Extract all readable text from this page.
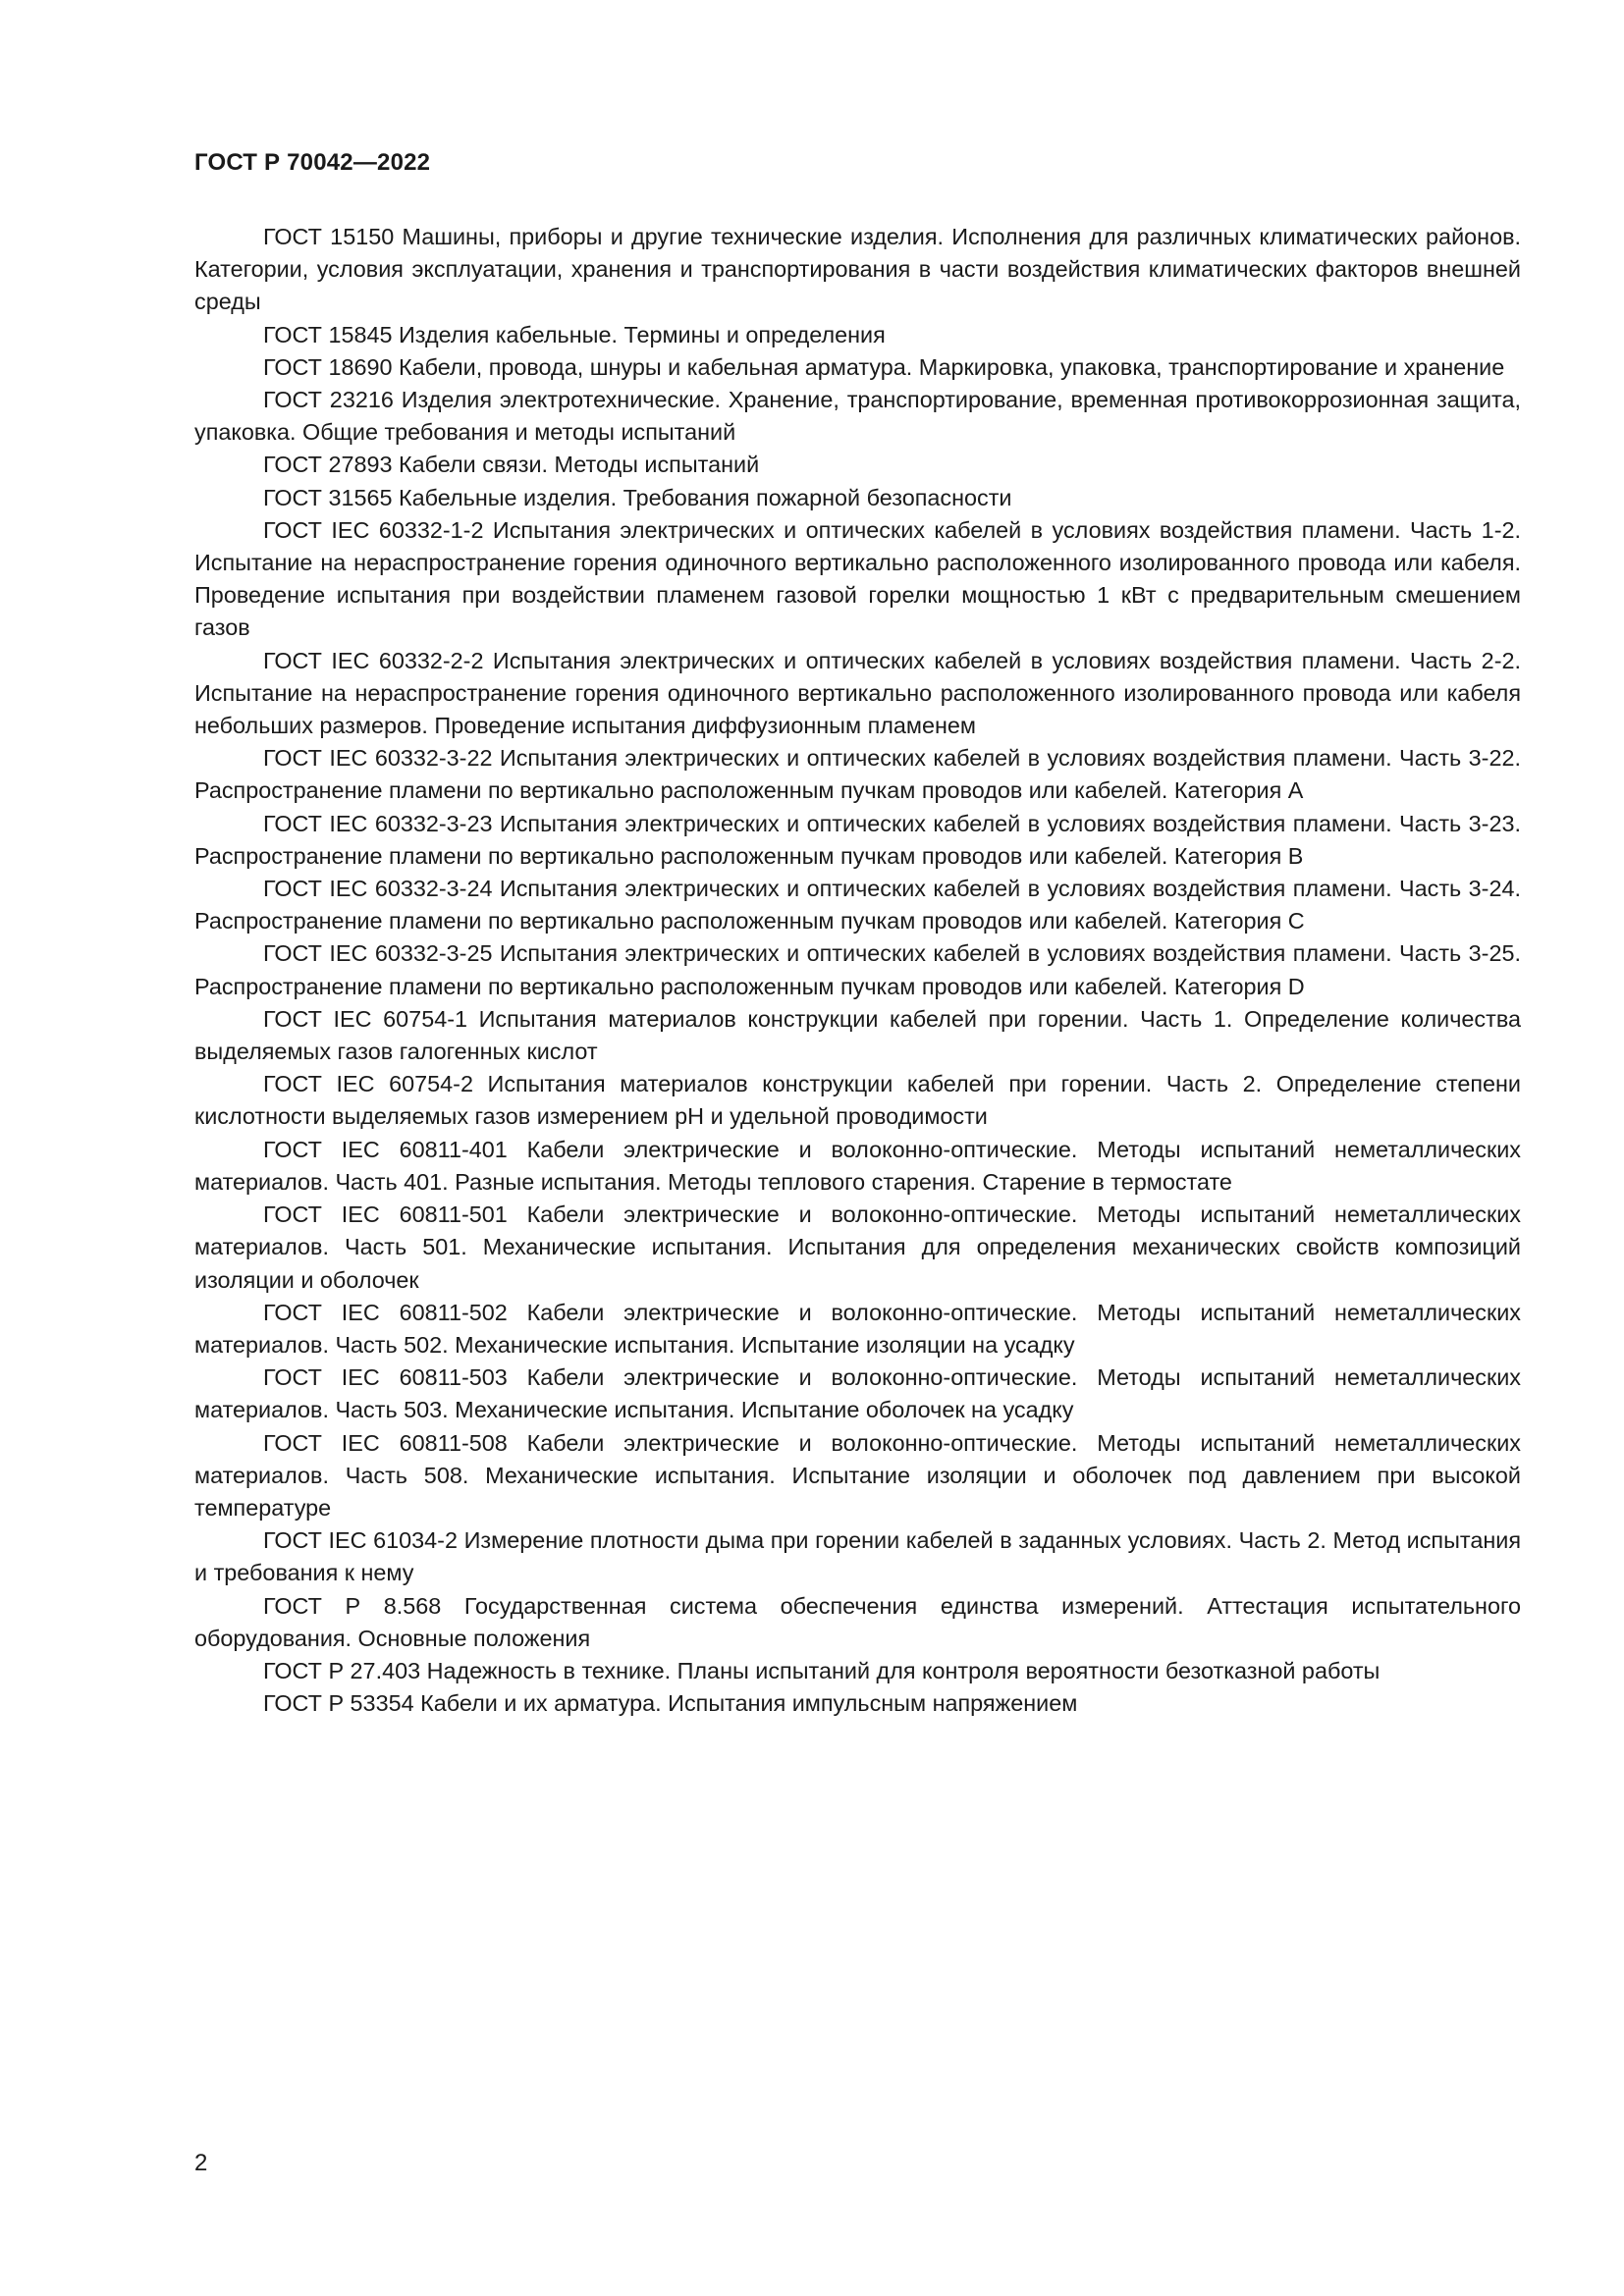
ГОСТ Р 70042—2022
ГОСТ 15150 Машины, приборы и другие технические изделия. Исполнения для различных климатических районов. Категории, условия эксплуатации, хранения и транспортирования в части воздействия климатических факторов внешней среды
ГОСТ 15845 Изделия кабельные. Термины и определения
ГОСТ 18690 Кабели, провода, шнуры и кабельная арматура. Маркировка, упаковка, транспортирование и хранение
ГОСТ 23216 Изделия электротехнические. Хранение, транспортирование, временная противокоррозионная защита, упаковка. Общие требования и методы испытаний
ГОСТ 27893 Кабели связи. Методы испытаний
ГОСТ 31565 Кабельные изделия. Требования пожарной безопасности
ГОСТ IEC 60332-1-2 Испытания электрических и оптических кабелей в условиях воздействия пламени. Часть 1-2. Испытание на нераспространение горения одиночного вертикально расположенного изолированного провода или кабеля. Проведение испытания при воздействии пламенем газовой горелки мощностью 1 кВт с предварительным смешением газов
ГОСТ IEC 60332-2-2 Испытания электрических и оптических кабелей в условиях воздействия пламени. Часть 2-2. Испытание на нераспространение горения одиночного вертикально расположенного изолированного провода или кабеля небольших размеров. Проведение испытания диффузионным пламенем
ГОСТ IEC 60332-3-22 Испытания электрических и оптических кабелей в условиях воздействия пламени. Часть 3-22. Распространение пламени по вертикально расположенным пучкам проводов или кабелей. Категория А
ГОСТ IEC 60332-3-23 Испытания электрических и оптических кабелей в условиях воздействия пламени. Часть 3-23. Распространение пламени по вертикально расположенным пучкам проводов или кабелей. Категория В
ГОСТ IEC 60332-3-24 Испытания электрических и оптических кабелей в условиях воздействия пламени. Часть 3-24. Распространение пламени по вертикально расположенным пучкам проводов или кабелей. Категория С
ГОСТ IEC 60332-3-25 Испытания электрических и оптических кабелей в условиях воздействия пламени. Часть 3-25. Распространение пламени по вертикально расположенным пучкам проводов или кабелей. Категория D
ГОСТ IEC 60754-1 Испытания материалов конструкции кабелей при горении. Часть 1. Определение количества выделяемых газов галогенных кислот
ГОСТ IEC 60754-2 Испытания материалов конструкции кабелей при горении. Часть 2. Определение степени кислотности выделяемых газов измерением pH и удельной проводимости
ГОСТ IEC 60811-401 Кабели электрические и волоконно-оптические. Методы испытаний неметаллических материалов. Часть 401. Разные испытания. Методы теплового старения. Старение в термостате
ГОСТ IEC 60811-501 Кабели электрические и волоконно-оптические. Методы испытаний неметаллических материалов. Часть 501. Механические испытания. Испытания для определения механических свойств композиций изоляции и оболочек
ГОСТ IEC 60811-502 Кабели электрические и волоконно-оптические. Методы испытаний неметаллических материалов. Часть 502. Механические испытания. Испытание изоляции на усадку
ГОСТ IEC 60811-503 Кабели электрические и волоконно-оптические. Методы испытаний неметаллических материалов. Часть 503. Механические испытания. Испытание оболочек на усадку
ГОСТ IEC 60811-508 Кабели электрические и волоконно-оптические. Методы испытаний неметаллических материалов. Часть 508. Механические испытания. Испытание изоляции и оболочек под давлением при высокой температуре
ГОСТ IEC 61034-2 Измерение плотности дыма при горении кабелей в заданных условиях. Часть 2. Метод испытания и требования к нему
ГОСТ Р 8.568 Государственная система обеспечения единства измерений. Аттестация испытательного оборудования. Основные положения
ГОСТ Р 27.403 Надежность в технике. Планы испытаний для контроля вероятности безотказной работы
ГОСТ Р 53354 Кабели и их арматура. Испытания импульсным напряжением
2
